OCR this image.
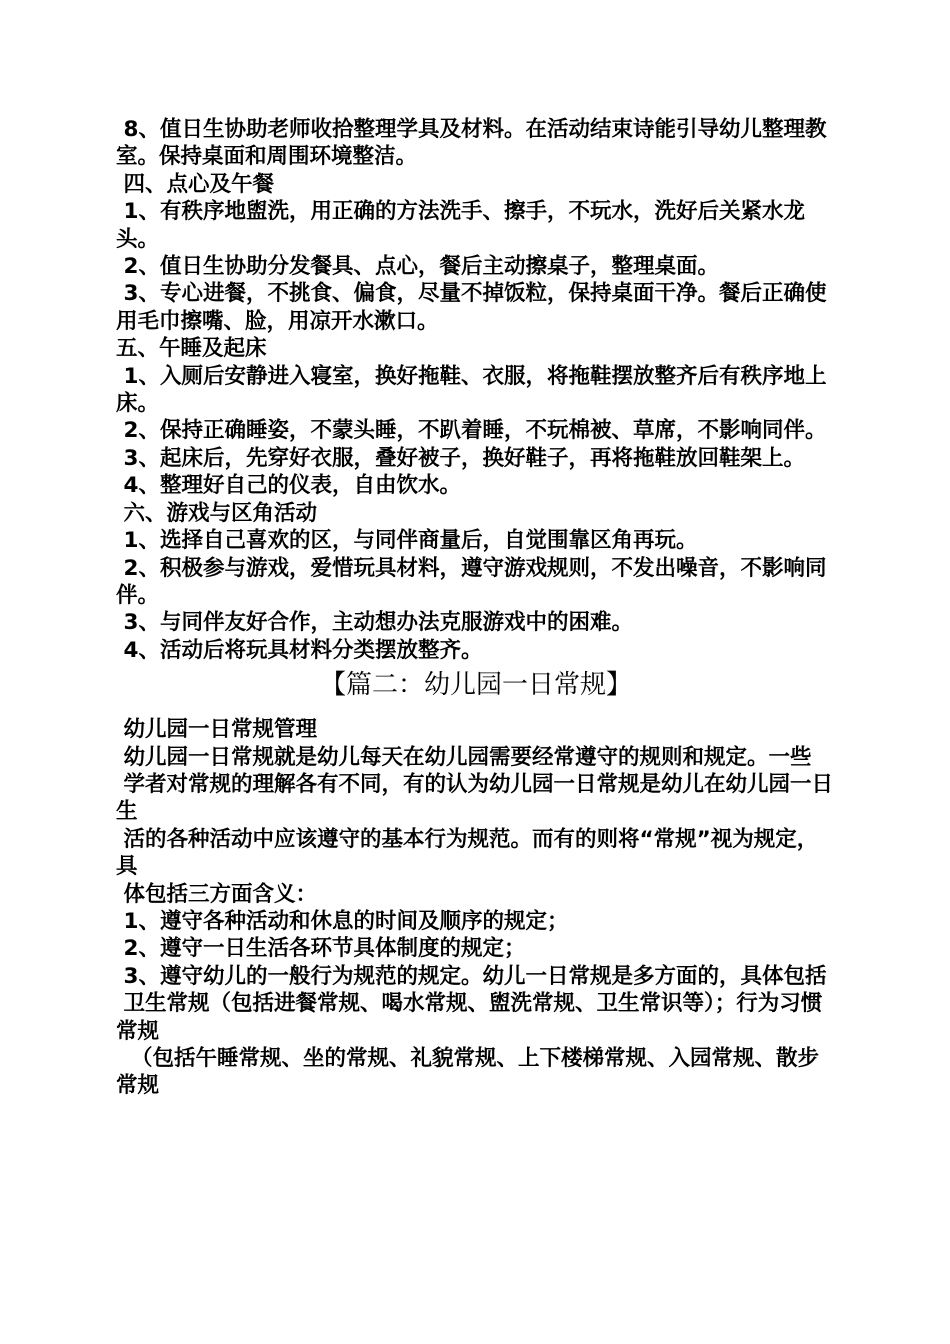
8、值日生协助老师收拾整理学具及材料。在活动结束诗能引导幼儿整理教室。保持桌面和周围环境整洁。

四、点心及午餐

1、有秩序地盥洗，用正确的方法洗手、擦手，不玩水，洗好后关紧水龙头。

2、值日生协助分发餐具、点心，餐后主动擦桌子，整理桌面。

3、专心进餐，不挑食、偏食，尽量不掉饭粒，保持桌面干净。餐后正确使用毛巾擦嘴、脸，用凉开水漱口。

五、午睡及起床

1、入厕后安静进入寝室，换好拖鞋、衣服，将拖鞋摆放整齐后有秩序地上床。

2、保持正确睡姿，不蒙头睡，不趴着睡，不玩棉被、草席，不影响同伴。

3、起床后，先穿好衣服，叠好被子，换好鞋子，再将拖鞋放回鞋架上。

4、整理好自己的仪表，自由饮水。

六、游戏与区角活动

1、选择自己喜欢的区，与同伴商量后，自觉围靠区角再玩。

2、积极参与游戏，爱惜玩具材料，遵守游戏规则，不发出噪音，不影响同伴。

3、与同伴友好合作，主动想办法克服游戏中的困难。

4、活动后将玩具材料分类摆放整齐。

【篇二：幼儿园一日常规】

幼儿园一日常规管理

幼儿园一日常规就是幼儿每天在幼儿园需要经常遵守的规则和规定。一些

学者对常规的理解各有不同，有的认为幼儿园一日常规是幼儿在幼儿园一日生

活的各种活动中应该遵守的基本行为规范。而有的则将“常规”视为规定，具

体包括三方面含义：

1、遵守各种活动和休息的时间及顺序的规定；

2、遵守一日生活各环节具体制度的规定；

3、遵守幼儿的一般行为规范的规定。幼儿一日常规是多方面的，具体包括

卫生常规（包括进餐常规、喝水常规、盥洗常规、卫生常识等）；行为习惯常规

（包括午睡常规、坐的常规、礼貌常规、上下楼梯常规、入园常规、散步常规
